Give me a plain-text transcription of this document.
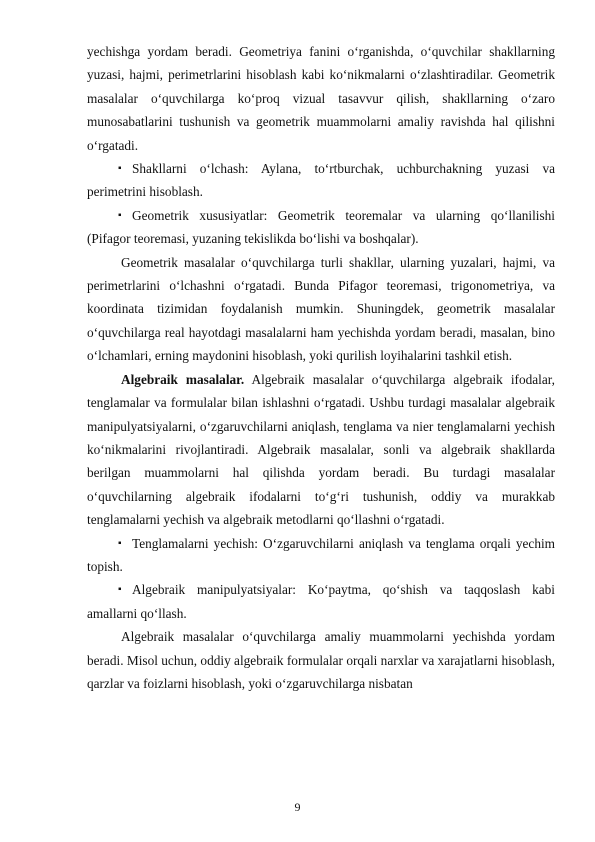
yechishga yordam beradi. Geometriya fanini oʻrganishda, oʻquvchilar shakllarning yuzasi, hajmi, perimetrlarini hisoblash kabi koʻnikmalarni oʻzlashtiradilar. Geometrik masalalar oʻquvchilarga koʻproq vizual tasavvur qilish, shakllarning oʻzaro munosabatlarini tushunish va geometrik muammolarni amaliy ravishda hal qilishni oʻrgatadi.

▪ Shakllarni oʻlchash: Aylana, toʻrtburchak, uchburchakning yuzasi va perimetrini hisoblash.
▪ Geometrik xususiyatlar: Geometrik teoremalar va ularning qoʻllanilishi (Pifagor teoremasi, yuzaning tekislikda boʻlishi va boshqalar).

Geometrik masalalar oʻquvchilarga turli shakllar, ularning yuzalari, hajmi, va perimetrlarini oʻlchashni oʻrgatadi. Bunda Pifagor teoremasi, trigonometriya, va koordinata tizimidan foydalanish mumkin. Shuningdek, geometrik masalalar oʻquvchilarga real hayotdagi masalalarni ham yechishda yordam beradi, masalan, bino oʻlchamlari, erning maydonini hisoblash, yoki qurilish loyihalarini tashkil etish.

Algebraik masalalar. Algebraik masalalar oʻquvchilarga algebraik ifodalar, tenglamalar va formulalar bilan ishlashni oʻrgatadi. Ushbu turdagi masalalar algebraik manipulyatsiyalarni, oʻzgaruvchilarni aniqlash, tenglama va nier tenglamalarni yechish koʻnikmalarini rivojlantiradi. Algebraik masalalar, sonli va algebraik shakllarda berilgan muammolarni hal qilishda yordam beradi. Bu turdagi masalalar oʻquvchilarning algebraik ifodalarni toʻgʻri tushunish, oddiy va murakkab tenglamalarni yechish va algebraik metodlarni qoʻllashni oʻrgatadi.

▪ Tenglamalarni yechish: Oʻzgaruvchilarni aniqlash va tenglama orqali yechim topish.
▪ Algebraik manipulyatsiyalar: Koʻpaytma, qoʻshish va taqqoslash kabi amallarni qoʻllash.

Algebraik masalalar oʻquvchilarga amaliy muammolarni yechishda yordam beradi. Misol uchun, oddiy algebraik formulalar orqali narxlar va xarajatlarni hisoblash, qarzlar va foizlarni hisoblash, yoki oʻzgaruvchilarga nisbatan

9
